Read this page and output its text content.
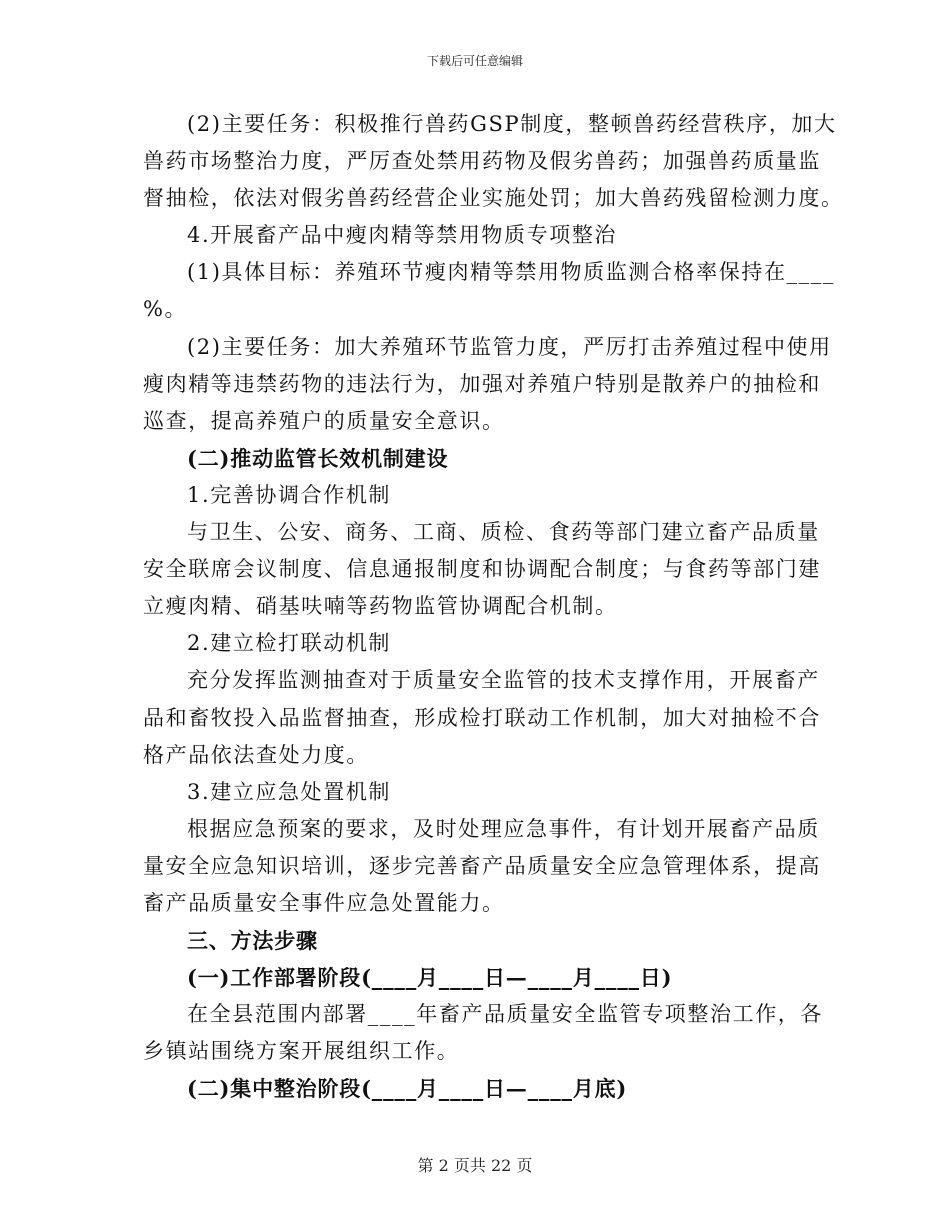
下载后可任意编辑
(2)主要任务：积极推行兽药GSP制度，整顿兽药经营秩序，加大
兽药市场整治力度，严厉查处禁用药物及假劣兽药；加强兽药质量监
督抽检，依法对假劣兽药经营企业实施处罚；加大兽药残留检测力度。
4.开展畜产品中瘦肉精等禁用物质专项整治
(1)具体目标：养殖环节瘦肉精等禁用物质监测合格率保持在____
%。
(2)主要任务：加大养殖环节监管力度，严厉打击养殖过程中使用
瘦肉精等违禁药物的违法行为，加强对养殖户特别是散养户的抽检和
巡查，提高养殖户的质量安全意识。
(二)推动监管长效机制建设
1.完善协调合作机制
与卫生、公安、商务、工商、质检、食药等部门建立畜产品质量
安全联席会议制度、信息通报制度和协调配合制度；与食药等部门建
立瘦肉精、硝基呋喃等药物监管协调配合机制。
2.建立检打联动机制
充分发挥监测抽查对于质量安全监管的技术支撑作用，开展畜产
品和畜牧投入品监督抽查，形成检打联动工作机制，加大对抽检不合
格产品依法查处力度。
3.建立应急处置机制
根据应急预案的要求，及时处理应急事件，有计划开展畜产品质
量安全应急知识培训，逐步完善畜产品质量安全应急管理体系，提高
畜产品质量安全事件应急处置能力。
三、方法步骤
(一)工作部署阶段(____月____日—____月____日)
在全县范围内部署____年畜产品质量安全监管专项整治工作，各
乡镇站围绕方案开展组织工作。
(二)集中整治阶段(____月____日—____月底)
第 2 页共 22 页
